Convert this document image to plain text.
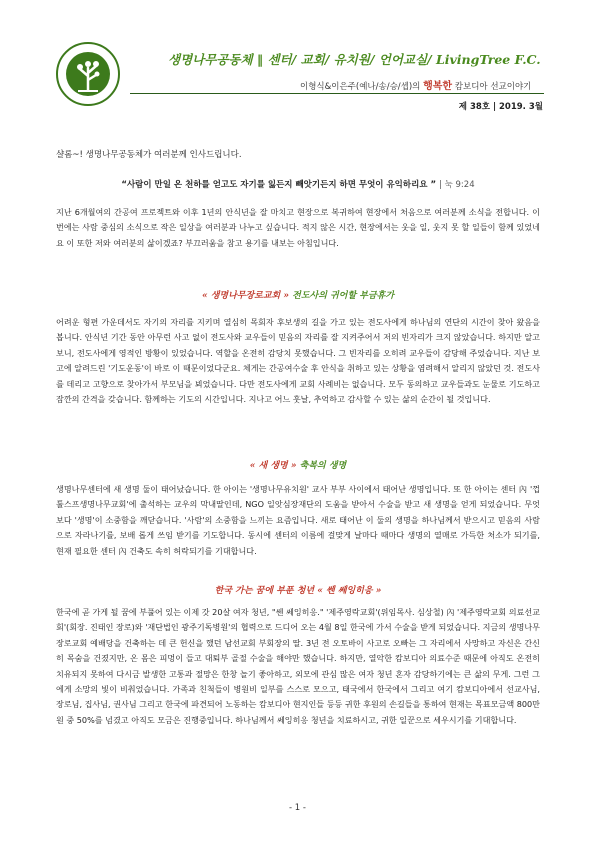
생명나무공동체 ‖ 센터/ 교회/ 유치원/ 언어교실/ LivingTree F.C.
이형식&이은주(예나/송/승/셉)의 행복한 캄보디아 선교이야기
제 38호 | 2019. 3월
샬롬~! 생명나무공동체가 여러분께 인사드립니다.
“사람이 만일 온 천하를 얻고도 자기를 잃든지 빼앗기든지 하면 무엇이 유익하리요 ” | 눅 9:24
지난 6개월여의 간공여 프로젝트와 이후 1년의 안식년을 잘 마치고 현장으로 복귀하여 현장에서 처음으로 여러분께 소식을 전합니다. 이번에는 사람 중심의 소식으로 작은 일상을 여러분과 나누고 싶습니다. 적지 않은 시간, 현장에서는 웃을 일, 웃지 못 할 일들이 함께 있었네요 이 또한 저와 여러분의 삶이겠죠? 부끄러움을 참고 용기를 내보는 아침입니다.
« 생명나무장로교회 » 전도사의 귀어할 부금휴가
어려운 형편 가운데서도 자기의 자리를 지키며 열심히 목회자 후보생의 길을 가고 있는 전도사에게 하나님의 연단의 시간이 찾아 왔음을 봅니다. 안식년 기간 동안 아무런 사고 없이 전도사와 교우들이 믿음의 자리를 잘 지켜주어서 저의 빈자리가 크지 않았습니다. 하지만 알고 보니, 전도사에게 영적인 방황이 있었습니다. 역할을 온전히 감당치 못했습니다. 그 빈자리를 오히려 교우들이 감당해 주었습니다. 지난 보고에 알려드린 '기도운동'이 바로 이 때문이었다군요. 체게는 간공여수술 후 안식을 취하고 있는 상황을 염려해서 알리지 않았던 것. 전도사를 데리고 고향으로 찾아가서 부모님을 뵈었습니다. 다만 전도사에게 교회 사례비는 없습니다. 모두 동의하고 교우들과도 눈물로 기도하고 잠깐의 간격을 갖습니다. 함께하는 기도의 시간입니다. 지나고 어느 훗날, 추억하고 감사할 수 있는 삶의 순간이 될 것입니다.
« 새 생명 » 축복의 생명
생명나무센터에 새 생명 둘이 태어났습니다. 한 아이는 '생명나무유치원' 교사 부부 사이에서 태어난 생명입니다. 또 한 아이는 센터 內 '껍툴스프생명나무교회'에 출석하는 교우의 막내딸인데, NGO 일앗심장재단의 도움을 받아서 수술을 받고 새 생명을 얻게 되었습니다. 무엇보다 '생명'이 소중함을 깨닫습니다. '사람'의 소중함을 느끼는 요즘입니다. 새로 태어난 이 둘의 생명을 하나님께서 받으시고 믿음의 사람으로 자라나기를, 보배 롭게 쓰임 받기를 기도합니다. 동시에 센터의 이름에 걸맞게 날마다 때마다 생명의 열매로 가득한 처소가 되기를, 현재 필요한 센터 內 건축도 속히 허락되기를 기대합니다.
한국 가는 꿈에 부푼 청년 « 쎈 쎄잉히응 »
한국에 곧 가게 될 꿈에 부풀어 있는 이제 갓 20살 여자 청년, "쎈 쎄잉히응." '제주영락교회'(위임목사. 심상철) 內 '제주영락교회 의료선교회'(회장. 진태인 장로)와 '재단법인 광주기독병원'의 협력으로 드디어 오는 4월 8일 한국에 가서 수술을 받게 되었습니다. 지금의 생명나무장로교회 예배당을 건축하는 데 큰 헌신을 했던 남선교회 부회장의 딸. 3년 전 오토바이 사고로 오빠는 그 자리에서 사망하고 자신은 간신히 목숨을 건졌지만, 온 몸은 피멍이 들고 대퇴부 골절 수술을 해야만 했습니다. 하지만, 열악한 캄보디아 의료수준 때문에 아직도 온전히 치유되지 못하여 다시금 발생한 고통과 절망은 한창 놀기 좋아하고, 외모에 관심 많은 여자 청년 혼자 감당하기에는 큰 삶의 무게. 그런 그에게 소망의 빛이 비춰었습니다. 가족과 친척들이 병원비 일부를 스스로 모으고, 태국에서 한국에서 그리고 여기 캄보디아에서 선교사님, 장로님, 집사님, 권사님 그리고 한국에 파견되어 노동하는 캄보디아 현지인들 등등 귀한 후원의 손길들을 통하여 현재는 목표모금액 800만원 중 50%를 넘겼고 아직도 모금은 진행중입니다. 하나님께서 쎄잉히응 청년을 치료하시고, 귀한 일꾼으로 세우시기를 기대합니다.
- 1 -
